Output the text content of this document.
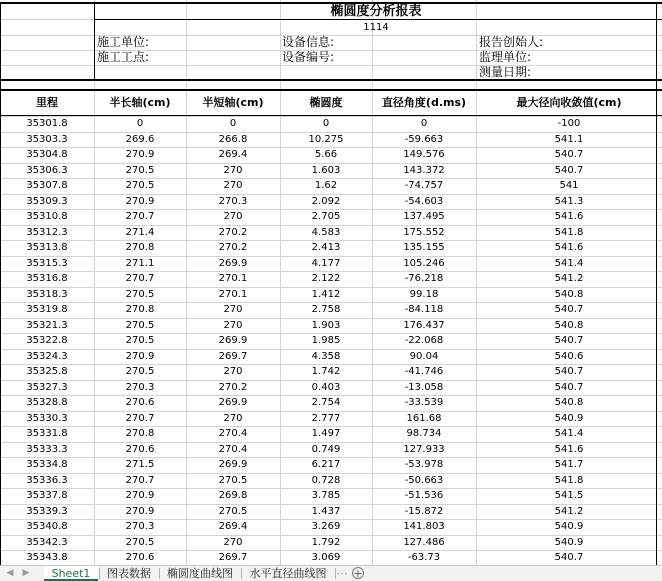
椭圆度分析报表
1114
施工单位:
施工工点:
设备信息:
设备编号:
报告创始人:
监理单位:
测量日期:
里程	半长轴(cm)	半短轴(cm)	椭圆度	直径角度(d.ms)	最大径向收敛值(cm)
35301.8	0	0	0	0	-100
35303.3	269.6	266.8	10.275	-59.663	541.1
35304.8	270.9	269.4	5.66	149.576	540.7
35306.3	270.5	270	1.603	143.372	540.7
35307.8	270.5	270	1.62	-74.757	541
35309.3	270.9	270.3	2.092	-54.603	541.3
35310.8	270.7	270	2.705	137.495	541.6
35312.3	271.4	270.2	4.583	175.552	541.8
35313.8	270.8	270.2	2.413	135.155	541.6
35315.3	271.1	269.9	4.177	105.246	541.4
35316.8	270.7	270.1	2.122	-76.218	541.2
35318.3	270.5	270.1	1.412	99.18	540.8
35319.8	270.8	270	2.758	-84.118	540.7
35321.3	270.5	270	1.903	176.437	540.8
35322.8	270.5	269.9	1.985	-22.068	540.7
35324.3	270.9	269.7	4.358	90.04	540.6
35325.8	270.5	270	1.742	-41.746	540.7
35327.3	270.3	270.2	0.403	-13.058	540.7
35328.8	270.6	269.9	2.754	-33.539	540.8
35330.3	270.7	270	2.777	161.68	540.9
35331.8	270.8	270.4	1.497	98.734	541.4
35333.3	270.6	270.4	0.749	127.933	541.6
35334.8	271.5	269.9	6.217	-53.978	541.7
35336.3	270.7	270.5	0.728	-50.663	541.8
35337.8	270.9	269.8	3.785	-51.536	541.5
35339.3	270.9	270.5	1.437	-15.872	541.2
35340.8	270.3	269.4	3.269	141.803	540.9
35342.3	270.5	270	1.792	127.486	540.9
35343.8	270.6	269.7	3.069	-63.73	540.7
◀ ▶	Sheet1	图表数据	椭圆度曲线图	水平直径曲线图 ⋯ +
